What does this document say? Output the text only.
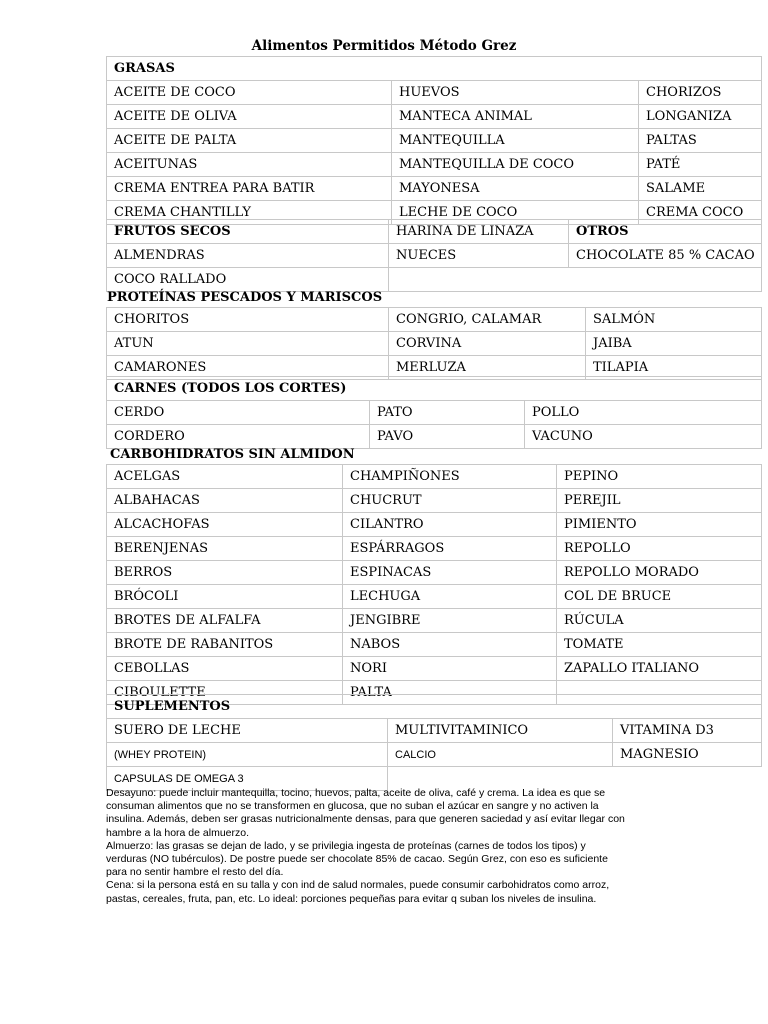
Alimentos Permitidos Método Grez
GRASAS		
ACEITE DE COCO	HUEVOS	CHORIZOS
ACEITE DE OLIVA	MANTECA ANIMAL	LONGANIZA
ACEITE DE PALTA	MANTEQUILLA	PALTAS
ACEITUNAS	MANTEQUILLA DE COCO	PATÉ
CREMA ENTREA PARA BATIR	MAYONESA	SALAME
CREMA CHANTILLY	LECHE DE COCO	CREMA COCO
FRUTOS SECOS	HARINA DE LINAZA	OTROS
ALMENDRAS	NUECES	CHOCOLATE 85 % CACAO
COCO RALLADO		
PROTEÍNAS PESCADOS Y MARISCOS
CHORITOS	CONGRIO, CALAMAR	SALMÓN
ATUN	CORVINA	JAIBA
CAMARONES	MERLUZA	TILAPIA
CARNES (TODOS LOS CORTES)		
CERDO	PATO	POLLO
CORDERO	PAVO	VACUNO
CARBOHIDRATOS SIN ALMIDON
ACELGAS	CHAMPIÑONES	PEPINO
ALBAHACAS	CHUCRUT	PEREJIL
ALCACHOFAS	CILANTRO	PIMIENTO
BERENJENAS	ESPÁRRAGOS	REPOLLO
BERROS	ESPINACAS	REPOLLO MORADO
BRÓCOLI	LECHUGA	COL DE BRUCE
BROTES DE ALFALFA	JENGIBRE	RÚCULA
BROTE DE RABANITOS	NABOS	TOMATE
CEBOLLAS	NORI	ZAPALLO ITALIANO
CIBOULETTE	PALTA	
SUPLEMENTOS		
SUERO DE LECHE	MULTIVITAMINICO	VITAMINA D3
(WHEY PROTEIN)	CALCIO	MAGNESIO
CAPSULAS DE OMEGA 3		
Desayuno: puede incluir mantequilla, tocino, huevos, palta, aceite de oliva, café y crema. La idea es que se
consuman alimentos que no se transformen en glucosa, que no suban el azúcar en sangre y no activen la
insulina. Además, deben ser grasas nutricionalmente densas, para que generen saciedad y así evitar llegar con
hambre a la hora de almuerzo.
Almuerzo: las grasas se dejan de lado, y se privilegia ingesta de proteínas (carnes de todos los tipos) y
verduras (NO tubérculos). De postre puede ser chocolate 85% de cacao. Según Grez, con eso es suficiente
para no sentir hambre el resto del día.
Cena: si la persona está en su talla y con ind de salud normales, puede consumir carbohidratos como arroz,
pastas, cereales, fruta, pan, etc. Lo ideal: porciones pequeñas para evitar q suban los niveles de insulina.
